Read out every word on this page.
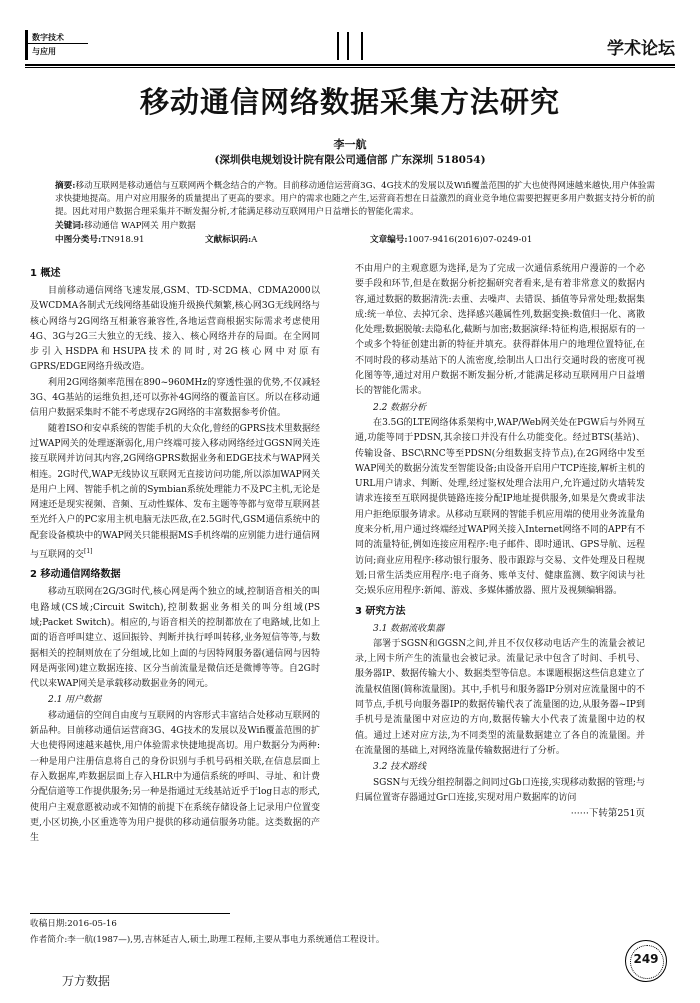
数字技术
与应用	学术论坛
移动通信网络数据采集方法研究
李一航
(深圳供电规划设计院有限公司通信部 广东深圳 518054)
摘要:移动互联网是移动通信与互联网两个概念结合的产物。目前移动通信运营商3G、4G技术的发展以及Wifi覆盖范围的扩大也使得网速越来越快,用户体验需求快捷地提高。用户对应用服务的质量提出了更高的要求。用户的需求也随之产生,运营商若想在日益激烈的商业竞争地位需要把握更多用户数据支持分析的前提。因此对用户数据合理采集并不断发掘分析,才能满足移动互联网用户日益增长的智能化需求。
关键词:移动通信 WAP网关 用户数据
中图分类号: TN918.91	文献标识码: A	文章编号: 1007-9416(2016)07-0249-01
1 概述

目前移动通信网络飞速发展,GSM、TD-SCDMA、CDMA2000以及WCDMA各制式无线网络基础设施升级换代频繁,核心网3G无线网络与核心网络与2G网络互相兼容兼容性,各地运营商根据实际需求考虑使用4G、3G与2G三大独立的无线、接入、核心网络并存的局面。在全网同步引入HSDPA和HSUPA技术的同时,对2G核心网中对原有GPRS/EDGE网络升级改造。

利用2G网络频率范围在890~960MHz的穿透性强的优势,不仅减轻3G、4G基站的运维负担,还可以弥补4G网络的覆盖盲区。所以在移动通信用户数据采集时不能不考虑现存2G网络的丰富数据参考价值。

随着ISO和安卓系统的智能手机的大众化,曾经的GPRS技术里数据经过WAP网关的处理逐渐弱化,用户终端可接入移动网络经过GGSN网关连接互联网并访问其内容,2G网络GPRS数据业务和EDGE技术与WAP网关相连。2G时代,WAP无线协议互联网无直接访问功能,所以添加WAP网关是用户上网、智能手机之前的Symbian系统处理能力不及PC主机,无论是网速还是现实视频、音频、互动性媒体、发布主题等等都与宽带互联网甚至光纤入户的PC家用主机电脑无法匹敌,在2.5G时代,GSM通信系统中的配套设备模块中的WAP网关只能根据MS手机终端的应别能力进行通信网与互联网的交[1]

2 移动通信网络数据

移动互联网在2G/3G时代,核心网是两个独立的域,控制语音相关的叫电路域(CS域;Circuit Switch),控制数据业务相关的叫分组域(PS域;Packet Switch)。相应的,与语音相关的控制都放在了电路域,比如上面的语音呼叫建立、返回振铃、判断并执行呼叫转移,业务短信等等,与数据相关的控制则放在了分组域,比如上面的与因特网服务器(通信网与因特网是两张网)建立数据连接、区分当前流量是微信还是微博等等。自2G时代以来WAP网关是承载移动数据业务的网元。

2.1 用户数据

移动通信的空间自由度与互联网的内容形式丰富结合处移动互联网的新品种。目前移动通信运营商3G、4G技术的发展以及Wifi覆盖范围的扩大也使得网速越来越快,用户体验需求快捷地提高切。用户数据分为两种:一种是用户注册信息将自己的身份识别与手机号码相关联,在信息层面上存入数据库,咋数据层面上存入HLR中为通信系统的呼叫、寻址、和计费分配信道等工作提供服务;另一种是指通过无线基站近乎于log日志的形式,使用户主观意愿被动或不知情的前提下在系统存储设备上记录用户位置变更,小区切换,小区重选等为用户提供的移动通信服务功能。这类数据的产生

不由用户的主观意愿为选择,是为了完成一次通信系统用户漫游的一个必要手段和环节,但是在数据分析挖掘研究者看来,是有着非常意义的数据内容,通过数据的数据清洗:去重、去噪声、去错误、插值等异常处理;数据集成:统一单位、去掉冗余、选择感兴趣属性列,数据变换:数值归一化、离散化处理;数据脱敏:去隐私化,截断与加密;数据演绎:特征构造,根据原有的一个或多个特征创建出新的特征并填充。获得群体用户的地理位置特征,在不同时段的移动基站下的人流密度,绘制出人口出行交通时段的密度可视化图等等,通过对用户数据不断发掘分析,才能满足移动互联网用户日益增长的智能化需求。

2.2 数据分析

在3.5G的LTE网络体系架构中,WAP/Web网关处在PGW后与外网互通,功能等同于PDSN,其余接口并没有什么功能变化。经过BTS(基站)、传输设备、BSC\RNC等至PDSN(分组数据支持节点),在2G网络中发至WAP网关的数据分流发至智能设备;由设备开启用户TCP连接,解析主机的URL用户请求、判断、处理,经过鉴权处理合法用户,允许通过防火墙转发请求连接至互联网提供链路连接分配IP地址提供服务,如果是欠费或非法用户拒绝原服务请求。从移动互联网的智能手机应用端的使用业务流量角度来分析,用户通过终端经过WAP网关接入Internet网络不同的APP有不同的流量特征,例如连接应用程序:电子邮件、即时通讯、GPS导航、远程访问;商业应用程序:移动银行服务、股市跟踪与交易、文件处理及日程规划;日常生活类应用程序:电子商务、账单支付、健康监测、数字阅读与社交;娱乐应用程序:新闻、游戏、多媒体播放器、照片及视频编辑器。

3 研究方法
3.1 数据流收集器

部署于SGSN和GGSN之间,并且不仅仅移动电话产生的流量会被记录,上网卡所产生的流量也会被记录。流量记录中包含了时间、手机号、服务器IP、数据传输大小、数据类型等信息。本课题根据这些信息建立了流量权值图(简称流量图)。其中,手机号和服务器IP分别对应流量图中的不同节点,手机号向服务器IP的数据传输代表了流量图的边,从服务器~IP到手机号是流量图中对应边的方向,数据传输大小代表了流量图中边的权值。通过上述对应方法,为不同类型的流量数据建立了各自的流量图。并在流量图的基础上,对网络流量传输数据进行了分析。

3.2 技术路线

SGSN与无线分组控制器之间同过Gb口连接,实现移动数据的管理;与归属位置寄存器通过Gr口连接,实现对用户数据库的访问

······下转第251页
收稿日期:2016-05-16
作者简介:李一航(1987—),男,吉林延吉人,硕士,助理工程师,主要从事电力系统通信工程设计。
249
万方数据
